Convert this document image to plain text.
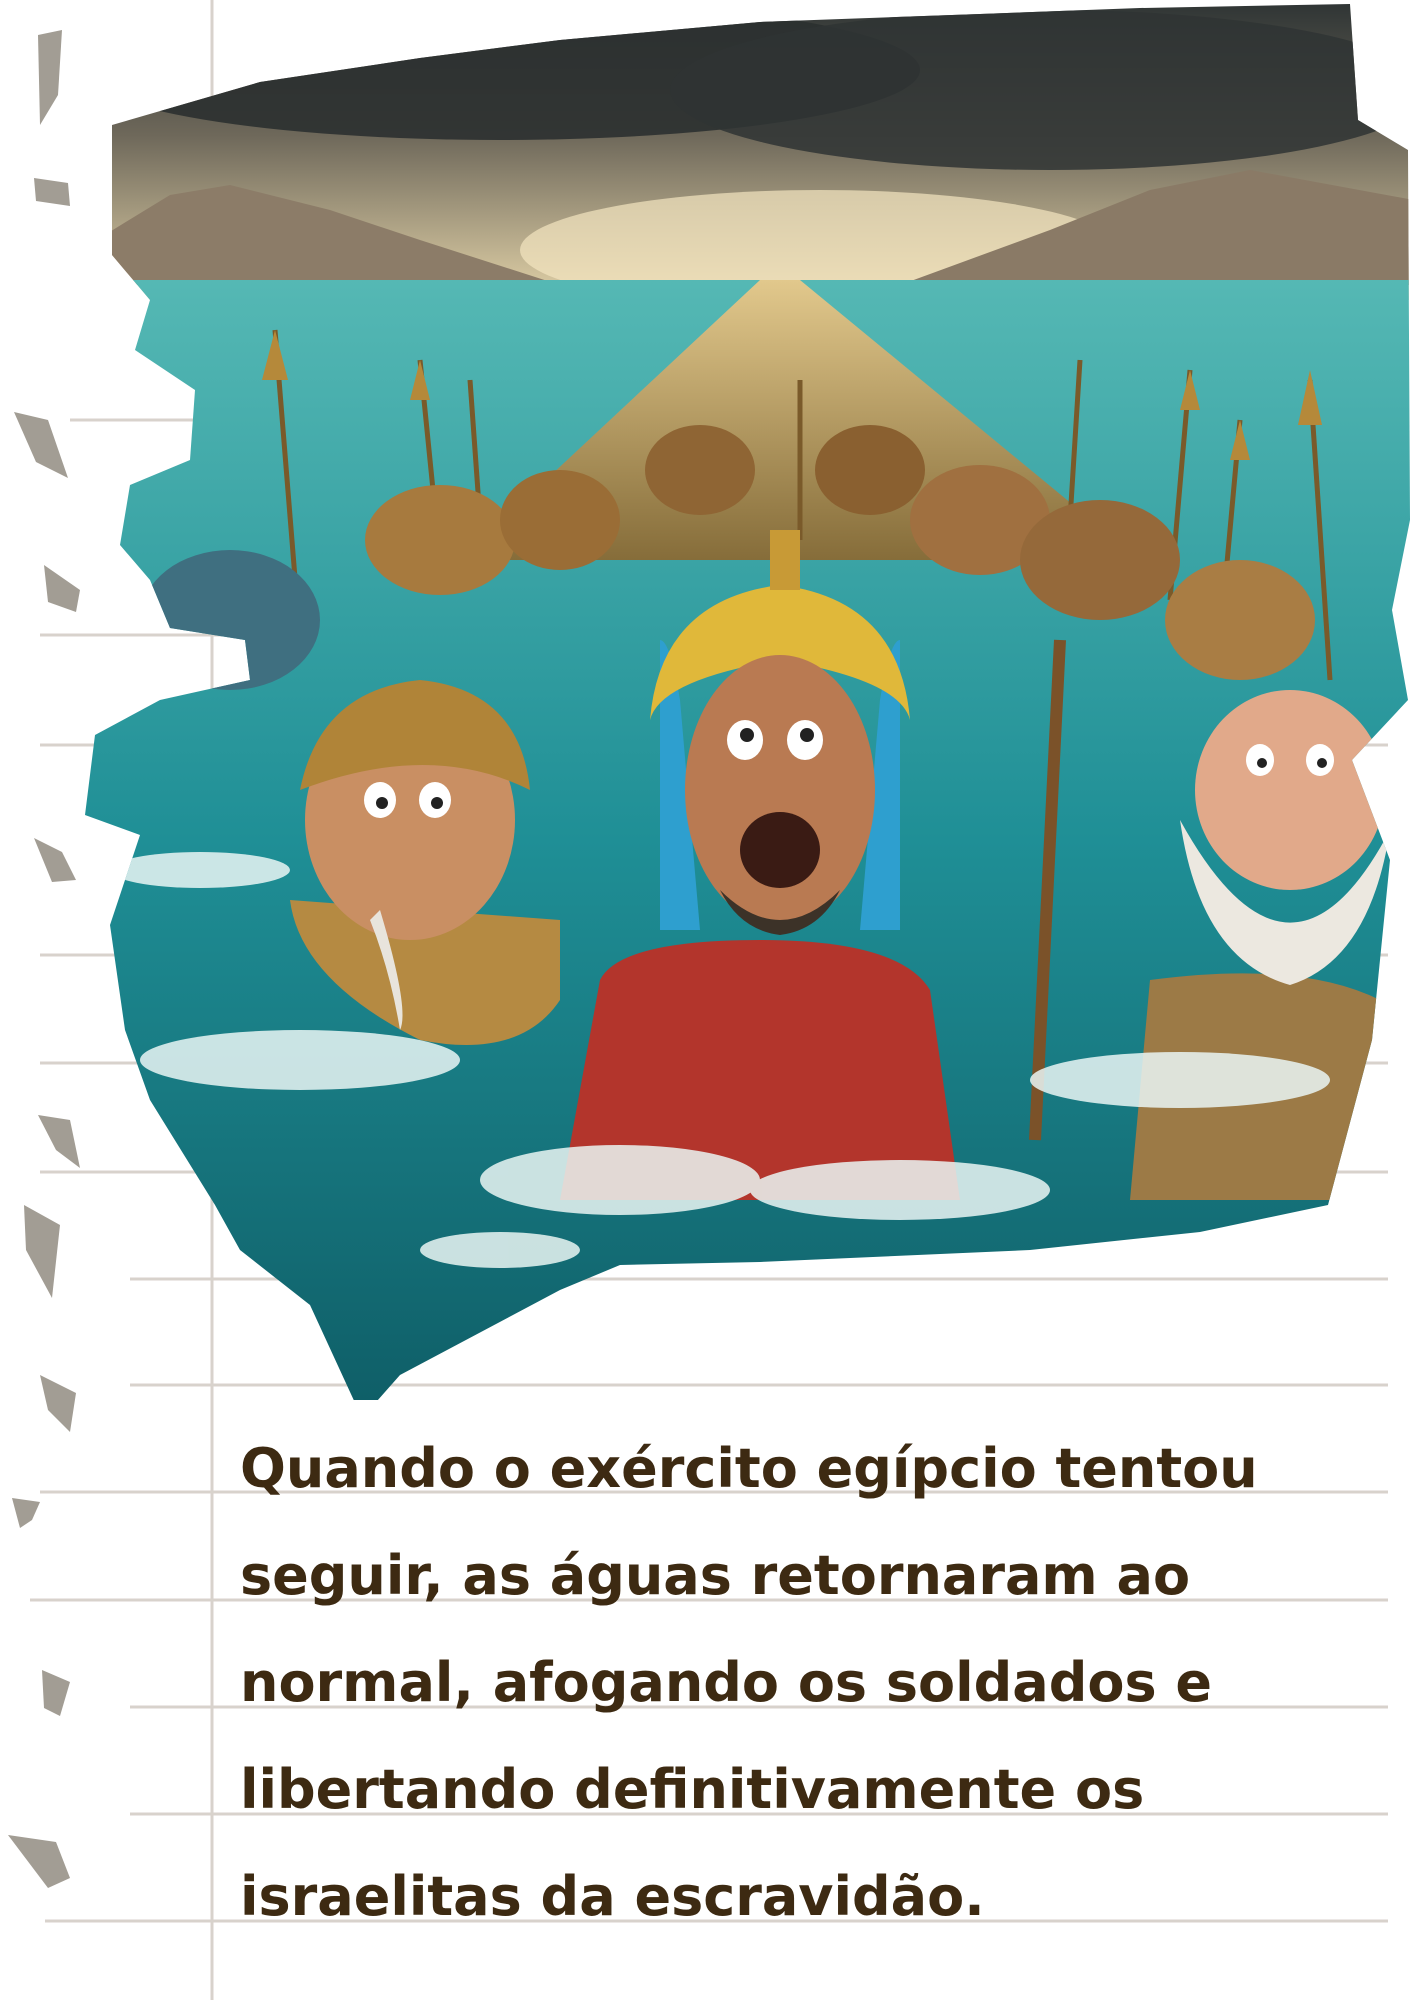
Quando o exército egípcio tentou
seguir, as águas retornaram ao
normal, afogando os soldados e
libertando definitivamente os
israelitas da escravidão.
